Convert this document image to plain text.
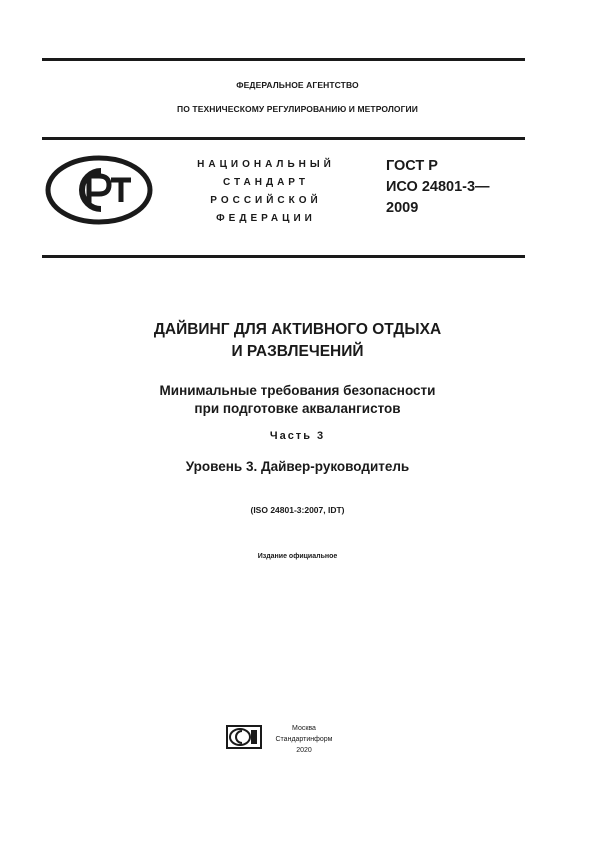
ФЕДЕРАЛЬНОЕ АГЕНТСТВО
ПО ТЕХНИЧЕСКОМУ РЕГУЛИРОВАНИЮ И МЕТРОЛОГИИ
НАЦИОНАЛЬНЫЙ
СТАНДАРТ
РОССИЙСКОЙ
ФЕДЕРАЦИИ
ГОСТ Р
ИСО 24801-3—
2009
ДАЙВИНГ ДЛЯ АКТИВНОГО ОТДЫХА
И РАЗВЛЕЧЕНИЙ
Минимальные требования безопасности
при подготовке аквалангистов
Часть 3
Уровень 3. Дайвер-руководитель
(ISO 24801-3:2007, IDT)
Издание официальное
Москва
Стандартинформ
2020
